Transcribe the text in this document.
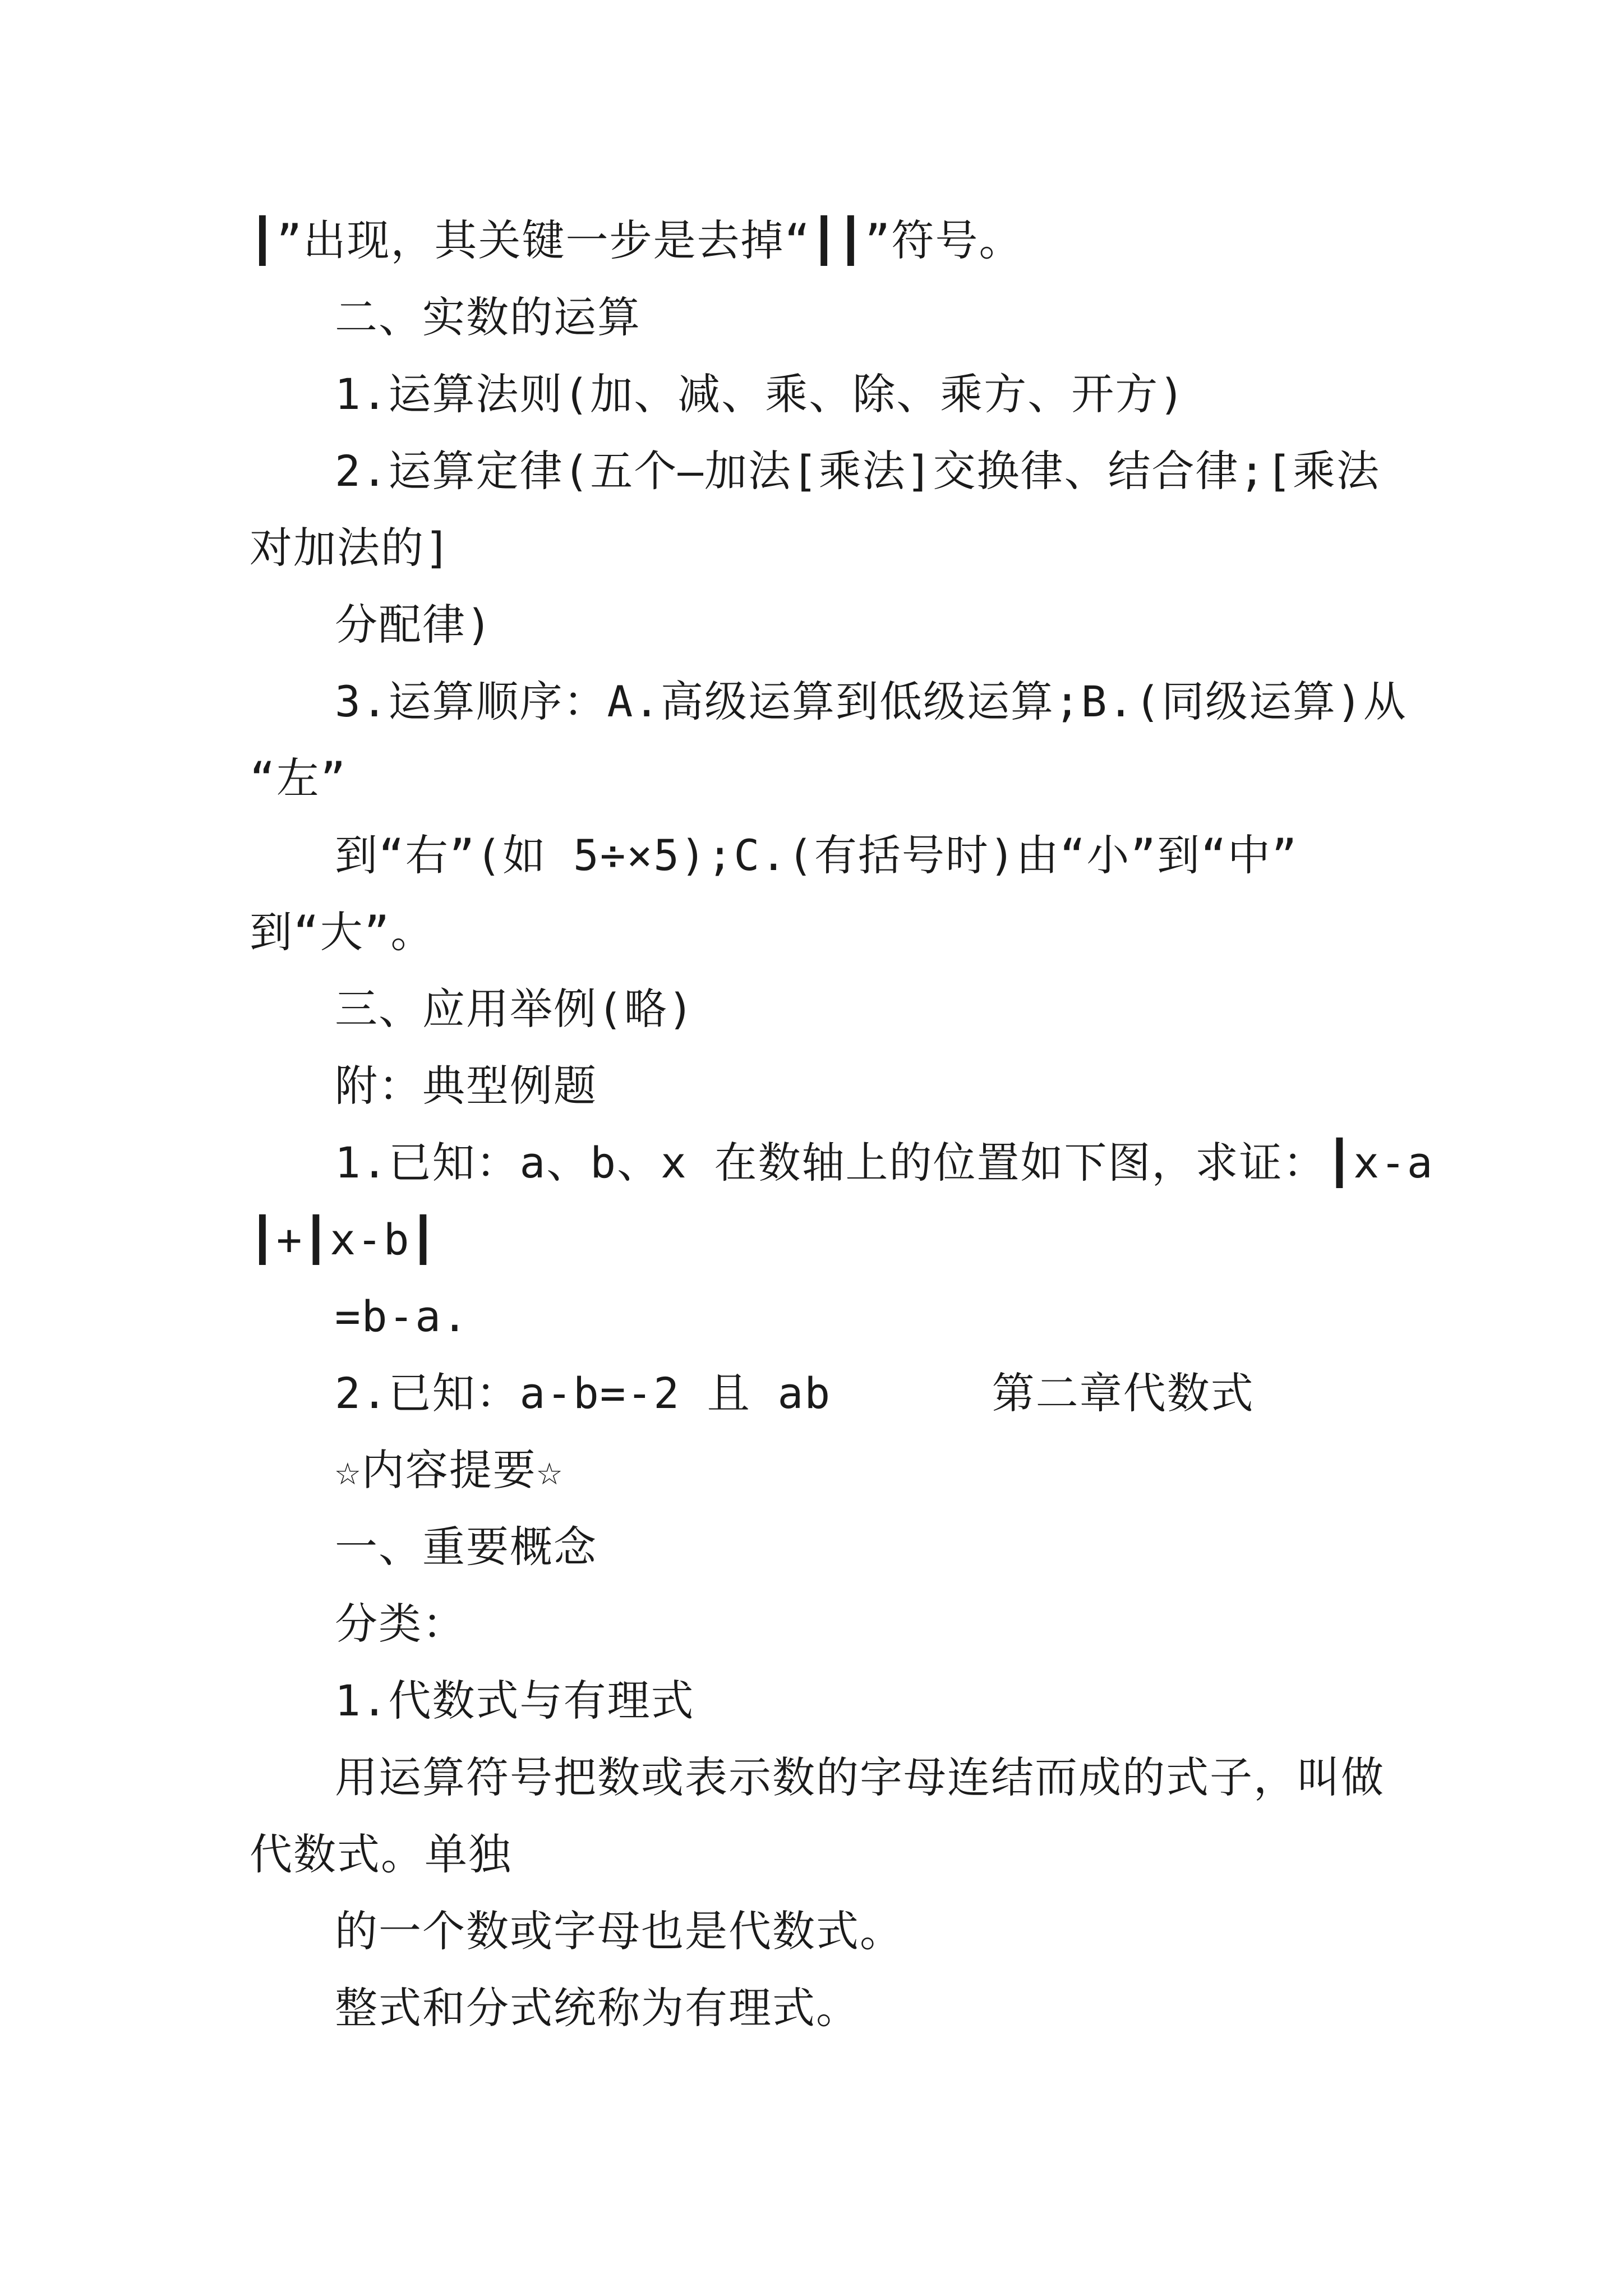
┃”出现，其关键一步是去掉“┃┃”符号。
二、实数的运算
1.运算法则(加、减、乘、除、乘方、开方)
2.运算定律(五个—加法[乘法]交换律、结合律;[乘法
对加法的]
分配律)
3.运算顺序：A.高级运算到低级运算;B.(同级运算)从
“左”
到“右”(如 5÷×5);C.(有括号时)由“小”到“中”
到“大”。
三、应用举例(略)
附：典型例题
1.已知：a、b、x 在数轴上的位置如下图，求证：┃x-a
┃+┃x-b┃
=b-a.
2.已知：a-b=-2 且 ab      第二章代数式
☆内容提要☆
一、重要概念
分类：
1.代数式与有理式
用运算符号把数或表示数的字母连结而成的式子，叫做
代数式。单独
的一个数或字母也是代数式。
整式和分式统称为有理式。
